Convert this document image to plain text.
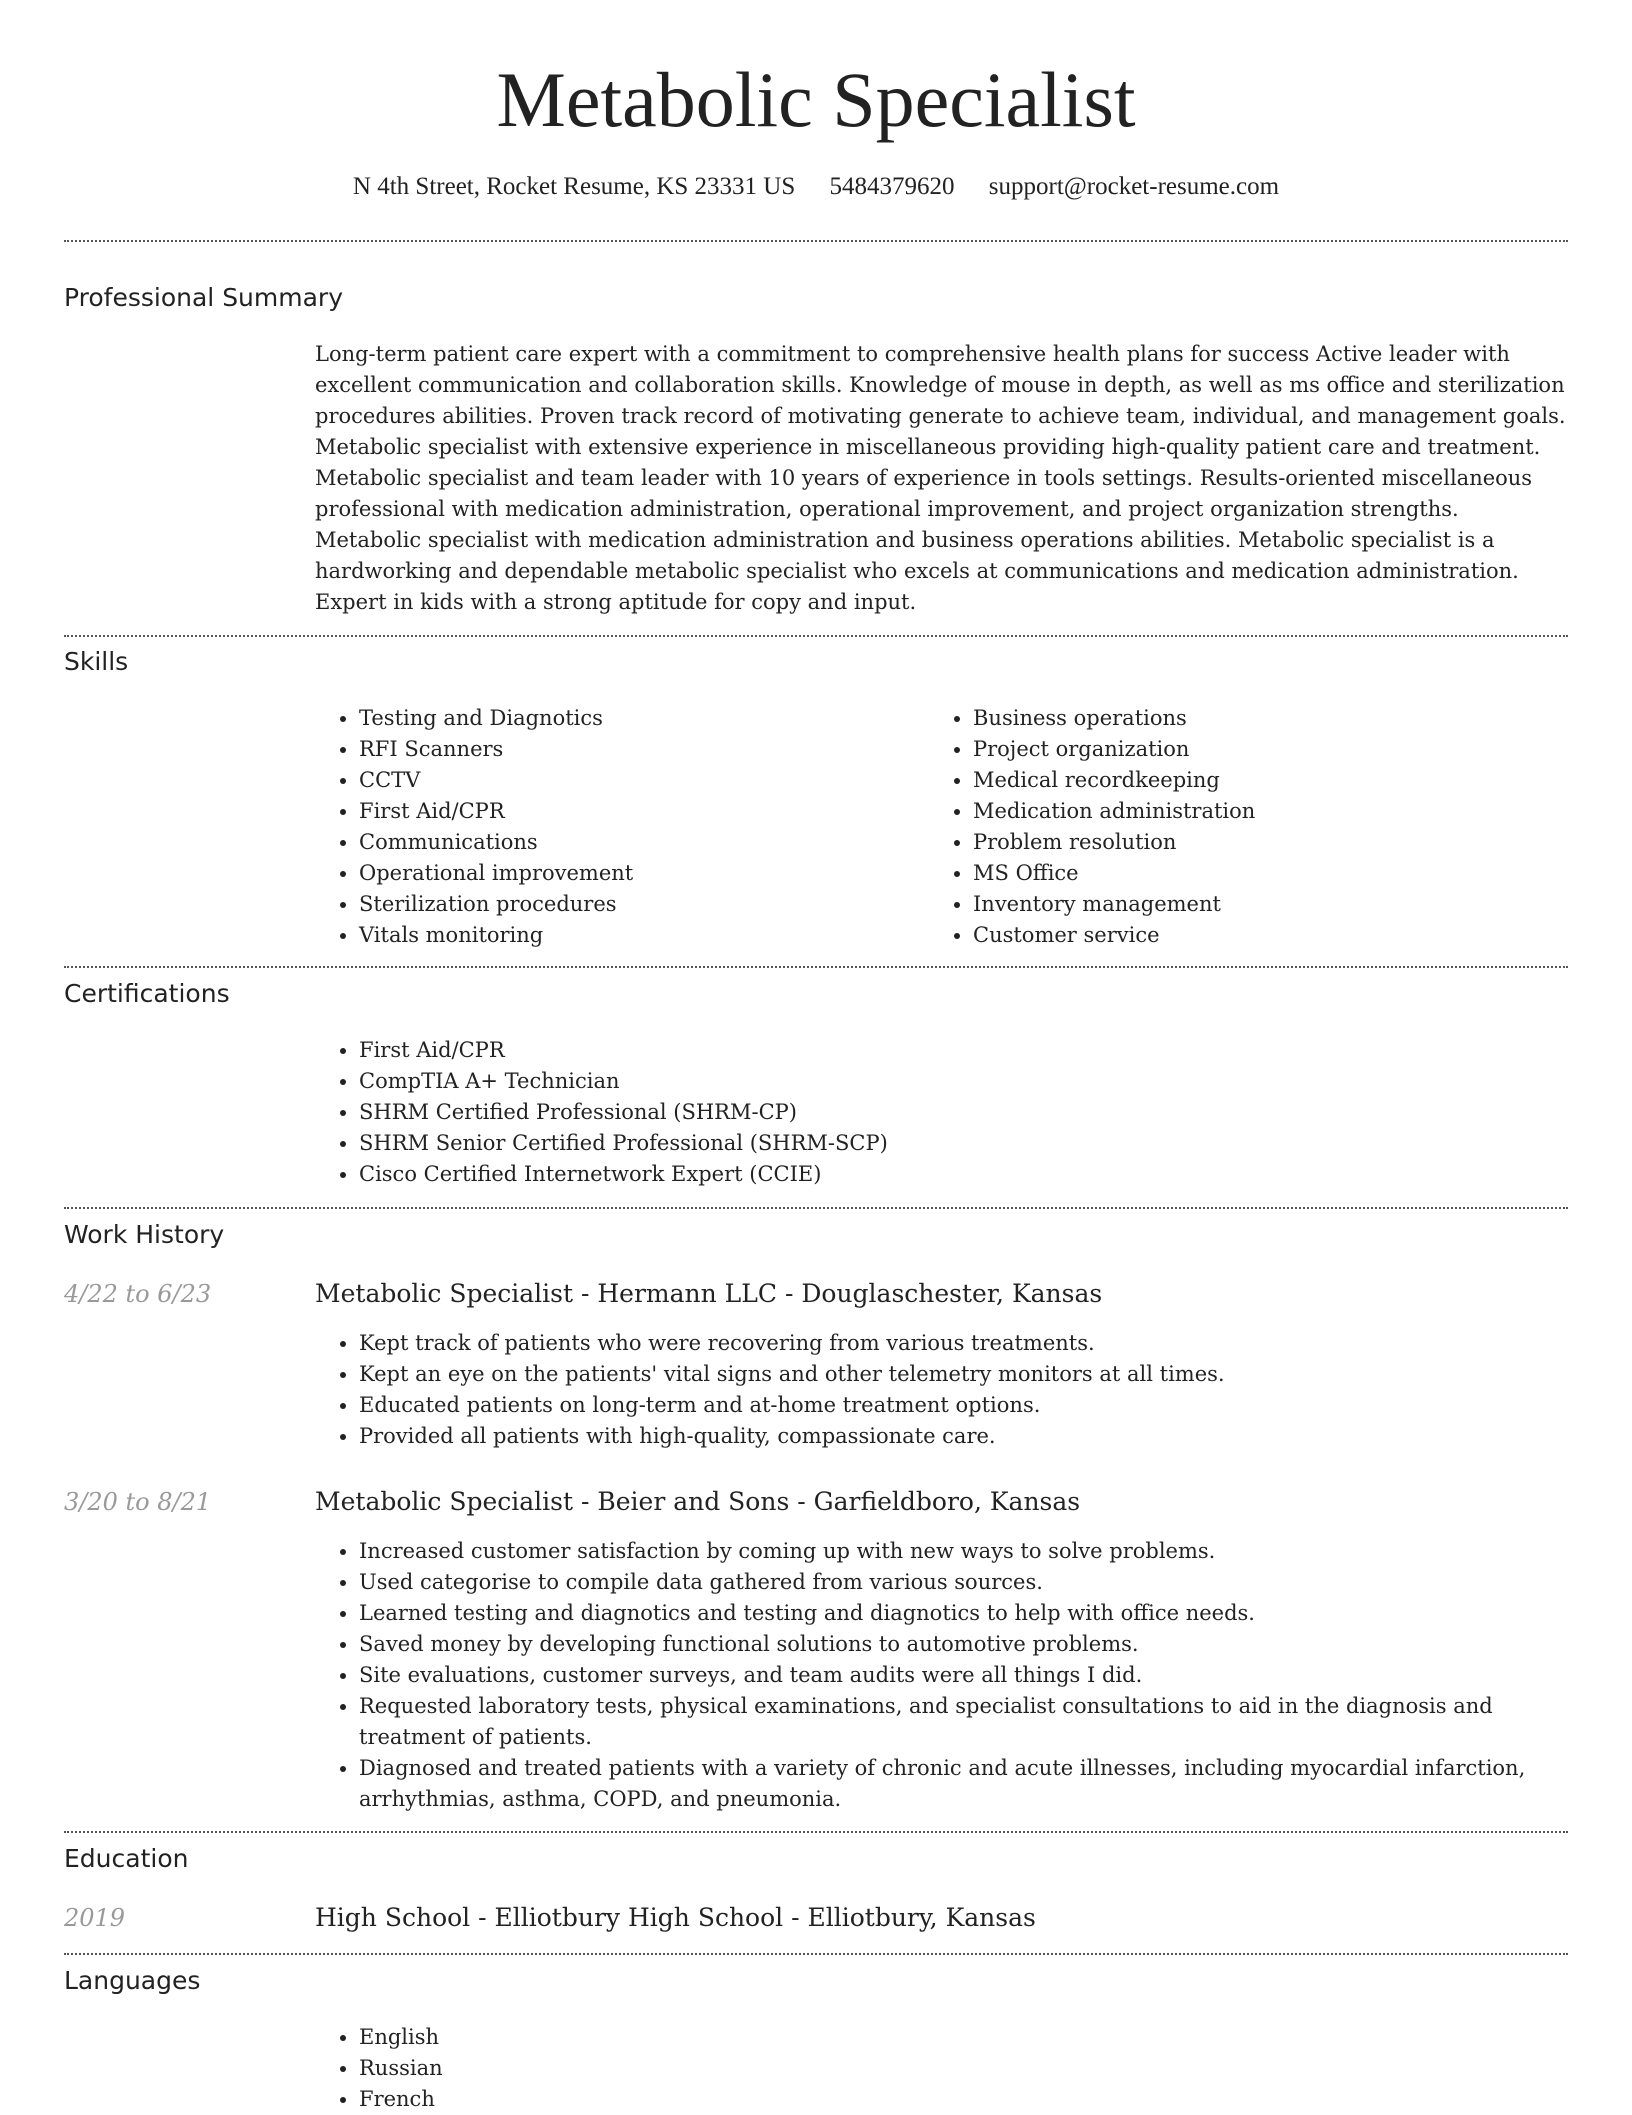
Metabolic Specialist
N 4th Street, Rocket Resume, KS 23331 US 5484379620 support@rocket-resume.com
Professional Summary

Long-term patient care expert with a commitment to comprehensive health plans for success Active leader with excellent communication and collaboration skills. Knowledge of mouse in depth, as well as ms office and sterilization procedures abilities. Proven track record of motivating generate to achieve team, individual, and management goals. Metabolic specialist with extensive experience in miscellaneous providing high-quality patient care and treatment. Metabolic specialist and team leader with 10 years of experience in tools settings. Results-oriented miscellaneous professional with medication administration, operational improvement, and project organization strengths. Metabolic specialist with medication administration and business operations abilities. Metabolic specialist is a hardworking and dependable metabolic specialist who excels at communications and medication administration. Expert in kids with a strong aptitude for copy and input.

Skills
• Testing and Diagnotics
• RFI Scanners
• CCTV
• First Aid/CPR
• Communications
• Operational improvement
• Sterilization procedures
• Vitals monitoring
• Business operations
• Project organization
• Medical recordkeeping
• Medication administration
• Problem resolution
• MS Office
• Inventory management
• Customer service
Certifications
• First Aid/CPR
• CompTIA A+ Technician
• SHRM Certified Professional (SHRM-CP)
• SHRM Senior Certified Professional (SHRM-SCP)
• Cisco Certified Internetwork Expert (CCIE)
Work History
4/22 to 6/23	Metabolic Specialist - Hermann LLC - Douglaschester, Kansas
• Kept track of patients who were recovering from various treatments.
• Kept an eye on the patients' vital signs and other telemetry monitors at all times.
• Educated patients on long-term and at-home treatment options.
• Provided all patients with high-quality, compassionate care.
3/20 to 8/21	Metabolic Specialist - Beier and Sons - Garfieldboro, Kansas
• Increased customer satisfaction by coming up with new ways to solve problems.
• Used categorise to compile data gathered from various sources.
• Learned testing and diagnotics and testing and diagnotics to help with office needs.
• Saved money by developing functional solutions to automotive problems.
• Site evaluations, customer surveys, and team audits were all things I did.
• Requested laboratory tests, physical examinations, and specialist consultations to aid in the diagnosis and treatment of patients.
• Diagnosed and treated patients with a variety of chronic and acute illnesses, including myocardial infarction, arrhythmias, asthma, COPD, and pneumonia.
Education
2019	High School - Elliotbury High School - Elliotbury, Kansas
Languages
• English
• Russian
• French
